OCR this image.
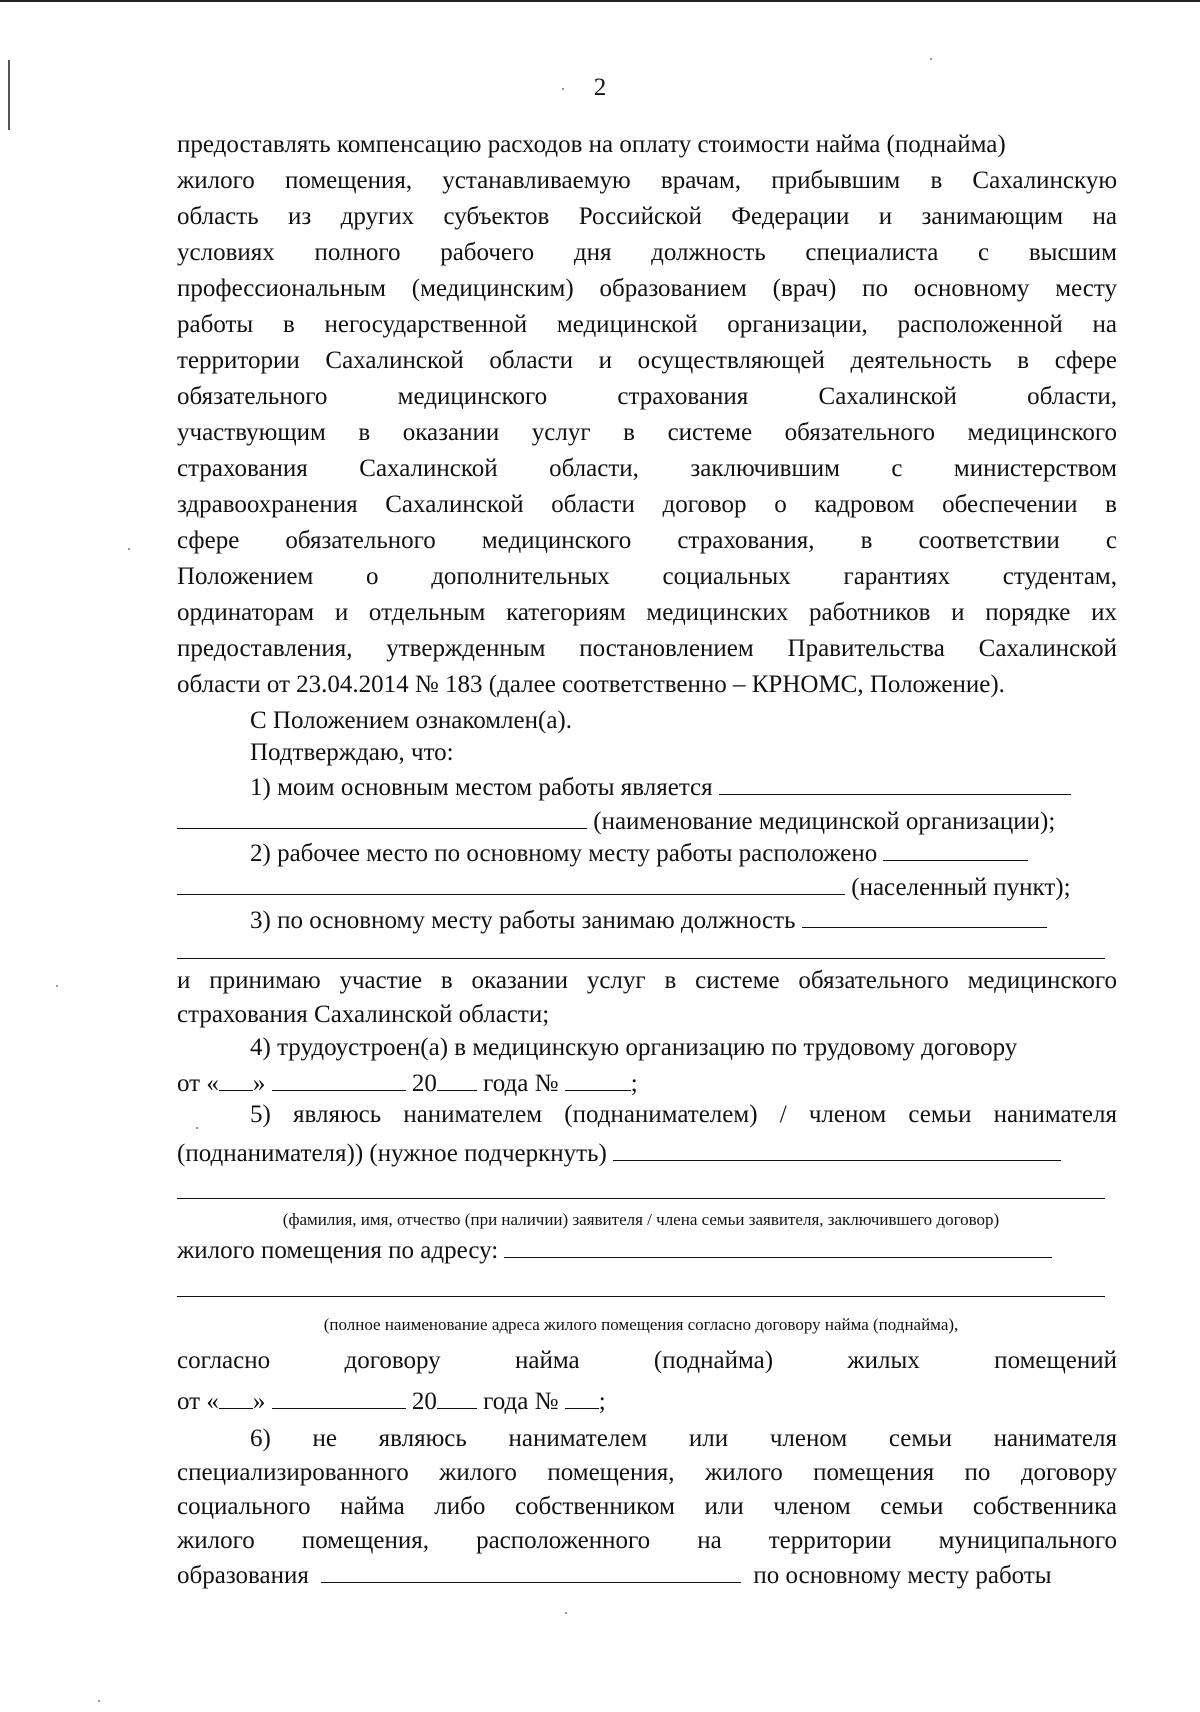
2
предоставлять компенсацию расходов на оплату стоимости найма (поднайма)
жилого помещения, устанавливаемую врачам, прибывшим в Сахалинскую
область из других субъектов Российской Федерации и занимающим на
условиях полного рабочего дня должность специалиста с высшим
профессиональным (медицинским) образованием (врач) по основному месту
работы в негосударственной медицинской организации, расположенной на
территории Сахалинской области и осуществляющей деятельность в сфере
обязательного медицинского страхования Сахалинской области,
участвующим в оказании услуг в системе обязательного медицинского
страхования Сахалинской области, заключившим с министерством
здравоохранения Сахалинской области договор о кадровом обеспечении в
сфере обязательного медицинского страхования, в соответствии с
Положением о дополнительных социальных гарантиях студентам,
ординаторам и отдельным категориям медицинских работников и порядке их
предоставления, утвержденным постановлением Правительства Сахалинской
области от 23.04.2014 № 183 (далее соответственно – КРНОМС, Положение).
С Положением ознакомлен(а).
Подтверждаю, что:
1) моим основным местом работы является
(наименование медицинской организации);
2) рабочее место по основному месту работы расположено
(населенный пункт);
3) по основному месту работы занимаю должность
и принимаю участие в оказании услуг в системе обязательного медицинского
страхования Сахалинской области;
4) трудоустроен(а) в медицинскую организацию по трудовому договору
от « »	20 года №	;
5) являюсь нанимателем (поднанимателем) / членом семьи нанимателя
(поднанимателя)) (нужное подчеркнуть)
(фамилия, имя, отчество (при наличии) заявителя / члена семьи заявителя, заключившего договор)
жилого помещения по адресу:
(полное наименование адреса жилого помещения согласно договору найма (поднайма),
согласно договору найма (поднайма) жилых помещений
от « »	20 года № ;
6) не являюсь нанимателем или членом семьи нанимателя
специализированного жилого помещения, жилого помещения по договору
социального найма либо собственником или членом семьи собственника
жилого помещения, расположенного на территории муниципального
образования	по основному месту работы
